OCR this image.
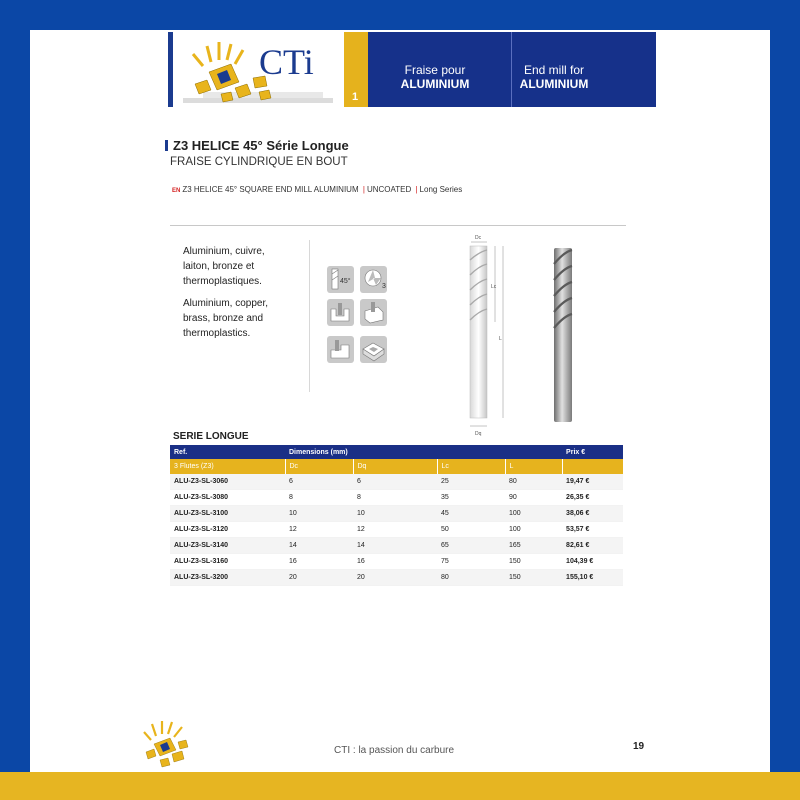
CTi
1
Fraise pour
ALUMINIUM
End mill for
ALUMINIUM
Z3 HELICE 45° Série Longue
FRAISE CYLINDRIQUE EN BOUT
EN Z3 HELICE 45° SQUARE END MILL ALUMINIUM | UNCOATED | Long Series
Aluminium, cuivre, laiton, bronze et thermoplastiques.
Aluminium, copper, brass, bronze and thermoplastics.
45°
3
Dc
Lc
L
Dq
SERIE LONGUE
Ref.	Dimensions (mm)				Prix €
3 Flutes (Z3)	Dc	Dq	Lc	L	
ALU-Z3-SL-3060	6	6	25	80	19,47 €
ALU-Z3-SL-3080	8	8	35	90	26,35 €
ALU-Z3-SL-3100	10	10	45	100	38,06 €
ALU-Z3-SL-3120	12	12	50	100	53,57 €
ALU-Z3-SL-3140	14	14	65	165	82,61 €
ALU-Z3-SL-3160	16	16	75	150	104,39 €
ALU-Z3-SL-3200	20	20	80	150	155,10 €
CTI : la passion du carbure	19
